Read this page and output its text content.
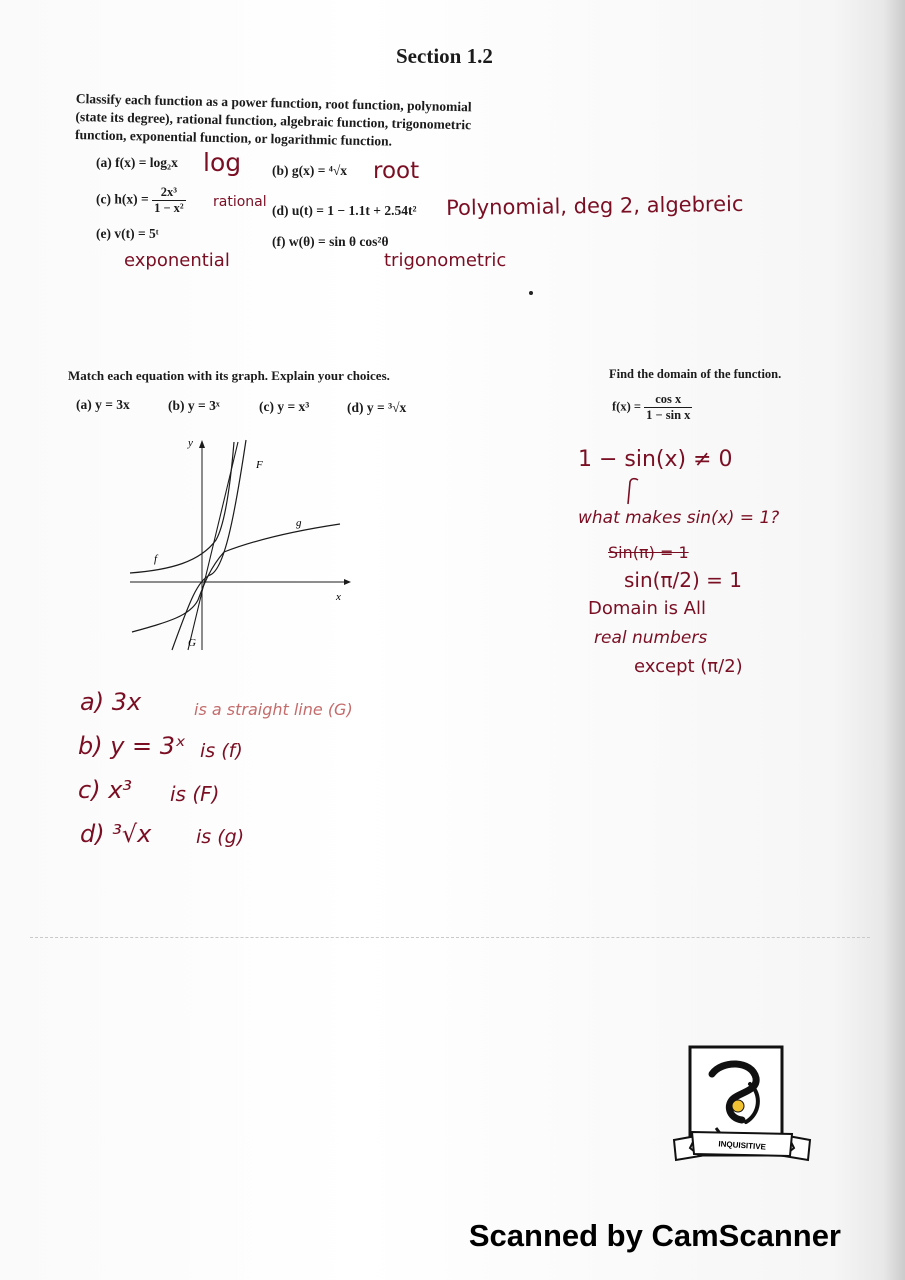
Section 1.2
Classify each function as a power function, root function, polynomial (state its degree), rational function, algebraic function, trigonometric function, exponential function, or logarithmic function.
(a) f(x) = log₂x log (b) g(x) = ⁴√x root
(c) $h(x) = \frac{\text{2x³}}{\text{1 − x²}}$ rational
(d) u(t) = 1 − 1.1t + 2.54t² Polynomial, deg 2, algebreic
(e) v(t) = 5ᵗ
exponential
(f) w(θ) = sin θ cos²θ
trigonometric
Match each equation with its graph. Explain your choices.
(a) y = 3x	(b) y = 3ˣ	(c) y = x³	(d) y = ³√x
y
x
F
g
f
G
a) 3x	is a straight line (G)
b) y = 3ˣ is (f)
c) x³ is (F)
d) ³√x is (g)
Find the domain of the function.
$f(x) = \frac{\text{cos x}}{\text{1 − sin x}}$
1 − sin(x) ≠ 0
what makes sin(x) = 1?
Sin(π) = 1
sin(π/2) = 1
Domain is All
real numbers
except (π/2)
INQUISITIVE
Scanned by CamScanner
